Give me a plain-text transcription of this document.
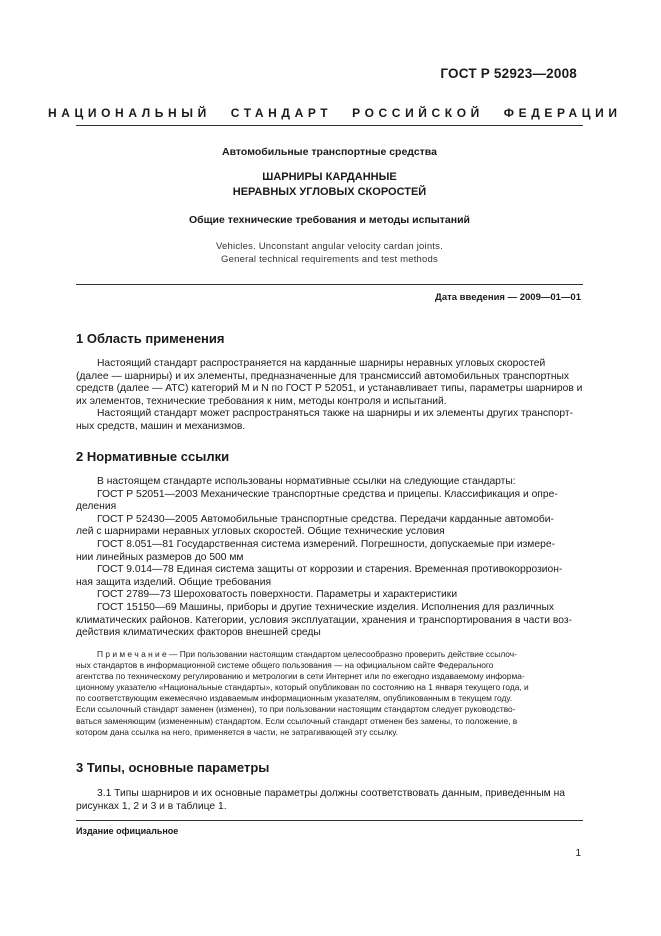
ГОСТ Р 52923—2008
НАЦИОНАЛЬНЫЙ СТАНДАРТ РОССИЙСКОЙ ФЕДЕРАЦИИ
Автомобильные транспортные средства
ШАРНИРЫ КАРДАННЫЕ
НЕРАВНЫХ УГЛОВЫХ СКОРОСТЕЙ
Общие технические требования и методы испытаний
Vehicles. Unconstant angular velocity cardan joints.
General technical requirements and test methods
Дата введения — 2009—01—01
1 Область применения
Настоящий стандарт распространяется на карданные шарниры неравных угловых скоростей
(далее — шарниры) и их элементы, предназначенные для трансмиссий автомобильных транспортных
средств (далее — АТС) категорий M и N по ГОСТ Р 52051, и устанавливает типы, параметры шарниров и
их элементов, технические требования к ним, методы контроля и испытаний.
Настоящий стандарт может распространяться также на шарниры и их элементы других транспорт-
ных средств, машин и механизмов.
2 Нормативные ссылки
В настоящем стандарте использованы нормативные ссылки на следующие стандарты:
ГОСТ Р 52051—2003 Механические транспортные средства и прицепы. Классификация и опре-
деления
ГОСТ Р 52430—2005 Автомобильные транспортные средства. Передачи карданные автомоби-
лей с шарнирами неравных угловых скоростей. Общие технические условия
ГОСТ 8.051—81 Государственная система измерений. Погрешности, допускаемые при измере-
нии линейных размеров до 500 мм
ГОСТ 9.014—78 Единая система защиты от коррозии и старения. Временная противокоррозион-
ная защита изделий. Общие требования
ГОСТ 2789—73 Шероховатость поверхности. Параметры и характеристики
ГОСТ 15150—69 Машины, приборы и другие технические изделия. Исполнения для различных
климатических районов. Категории, условия эксплуатации, хранения и транспортирования в части воз-
действия климатических факторов внешней среды
П р и м е ч а н и е — При пользовании настоящим стандартом целесообразно проверить действие ссылоч-
ных стандартов в информационной системе общего пользования — на официальном сайте Федерального
агентства по техническому регулированию и метрологии в сети Интернет или по ежегодно издаваемому информа-
ционному указателю «Национальные стандарты», который опубликован по состоянию на 1 января текущего года, и
по соответствующим ежемесячно издаваемым информационным указателям, опубликованным в текущем году.
Если ссылочный стандарт заменен (изменен), то при пользовании настоящим стандартом следует руководство-
ваться заменяющим (измененным) стандартом. Если ссылочный стандарт отменен без замены, то положение, в
котором дана ссылка на него, применяется в части, не затрагивающей эту ссылку.
3 Типы, основные параметры
3.1 Типы шарниров и их основные параметры должны соответствовать данным, приведенным на
рисунках 1, 2 и 3 и в таблице 1.
Издание официальное
1
